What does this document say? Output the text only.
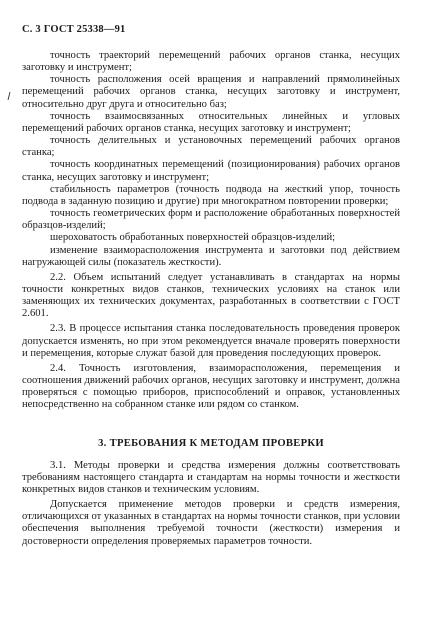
С. 3 ГОСТ 25338—91

точность траекторий перемещений рабочих органов станка, несущих заготовку и инструмент;

точность расположения осей вращения и направлений прямолинейных перемещений рабочих органов станка, несущих заготовку и инструмент, относительно друг друга и относительно баз;

точность взаимосвязанных относительных линейных и угловых перемещений рабочих органов станка, несущих заготовку и инструмент;

точность делительных и установочных перемещений рабочих органов станка;

точность координатных перемещений (позиционирования) рабочих органов станка, несущих заготовку и инструмент;

стабильность параметров (точность подвода на жесткий упор, точность подвода в заданную позицию и другие) при многократном повторении проверки;

точность геометрических форм и расположение обработанных поверхностей образцов-изделий;

шероховатость обработанных поверхностей образцов-изделий;

изменение взаиморасположения инструмента и заготовки под действием нагружающей силы (показатель жесткости).

2.2. Объем испытаний следует устанавливать в стандартах на нормы точности конкретных видов станков, технических условиях на станок или заменяющих их технических документах, разработанных в соответствии с ГОСТ 2.601.

2.3. В процессе испытания станка последовательность проведения проверок допускается изменять, но при этом рекомендуется вначале проверять поверхности и перемещения, которые служат базой для проведения последующих проверок.

2.4. Точность изготовления, взаиморасположения, перемещения и соотношения движений рабочих органов, несущих заготовку и инструмент, должна проверяться с помощью приборов, приспособлений и оправок, установленных непосредственно на собранном станке или рядом со станком.

3. ТРЕБОВАНИЯ К МЕТОДАМ ПРОВЕРКИ

3.1. Методы проверки и средства измерения должны соответствовать требованиям настоящего стандарта и стандартам на нормы точности и жесткости конкретных видов станков и техническим условиям.

Допускается применение методов проверки и средств измерения, отличающихся от указанных в стандартах на нормы точности станков, при условии обеспечения выполнения требуемой точности (жесткости) измерения и достоверности определения проверяемых параметров точности.
